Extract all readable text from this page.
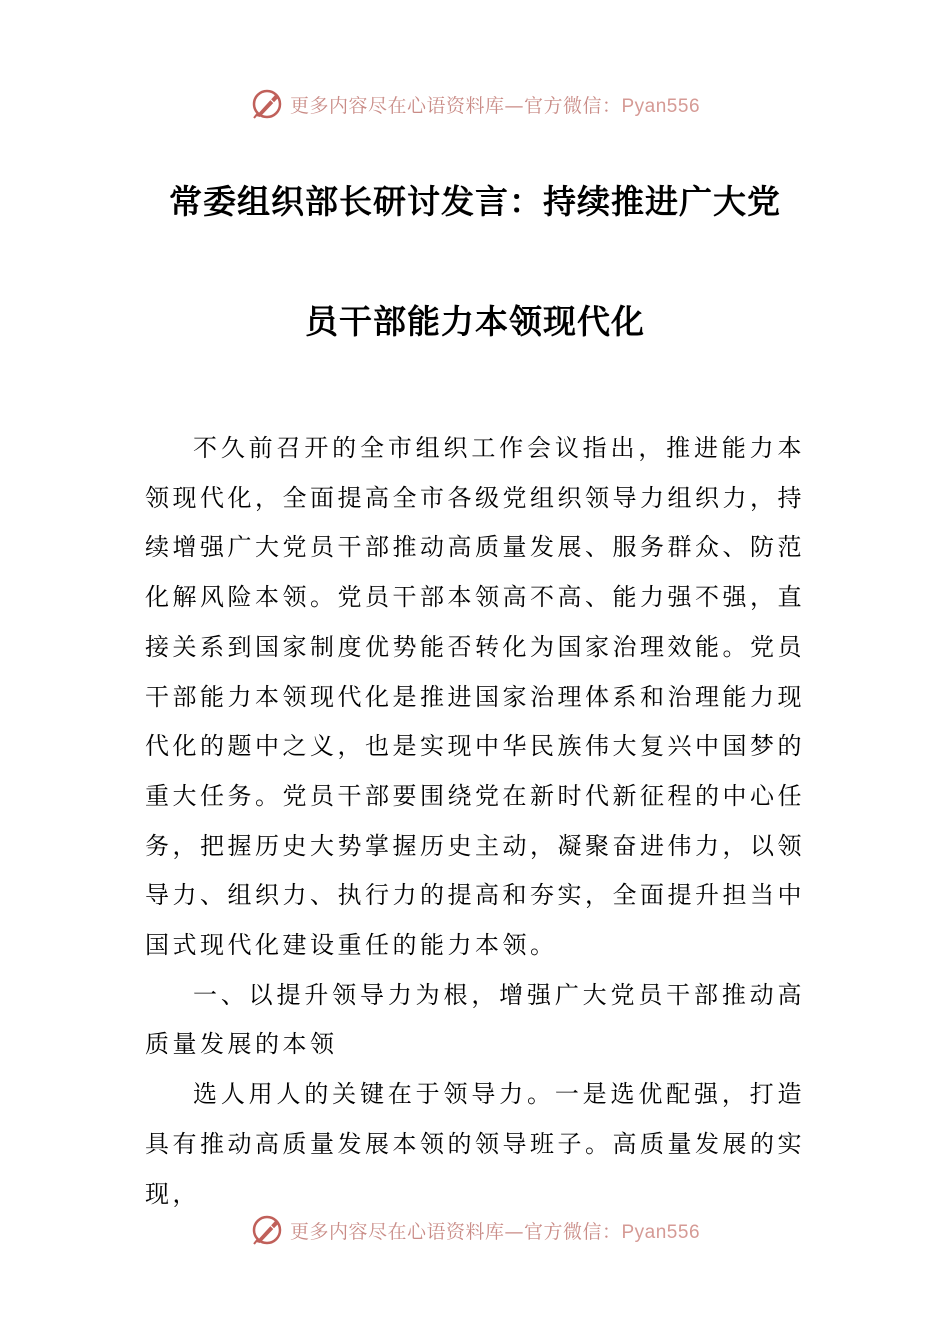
更多内容尽在心语资料库—官方微信：Pyan556
常委组织部长研讨发言：持续推进广大党
员干部能力本领现代化

不久前召开的全市组织工作会议指出，推进能力本领现代化，全面提高全市各级党组织领导力组织力，持续增强广大党员干部推动高质量发展、服务群众、防范化解风险本领。党员干部本领高不高、能力强不强，直接关系到国家制度优势能否转化为国家治理效能。党员干部能力本领现代化是推进国家治理体系和治理能力现代化的题中之义，也是实现中华民族伟大复兴中国梦的重大任务。党员干部要围绕党在新时代新征程的中心任务，把握历史大势掌握历史主动，凝聚奋进伟力，以领导力、组织力、执行力的提高和夯实，全面提升担当中国式现代化建设重任的能力本领。

一、以提升领导力为根，增强广大党员干部推动高质量发展的本领

选人用人的关键在于领导力。一是选优配强，打造具有推动高质量发展本领的领导班子。高质量发展的实现，

更多内容尽在心语资料库—官方微信：Pyan556
